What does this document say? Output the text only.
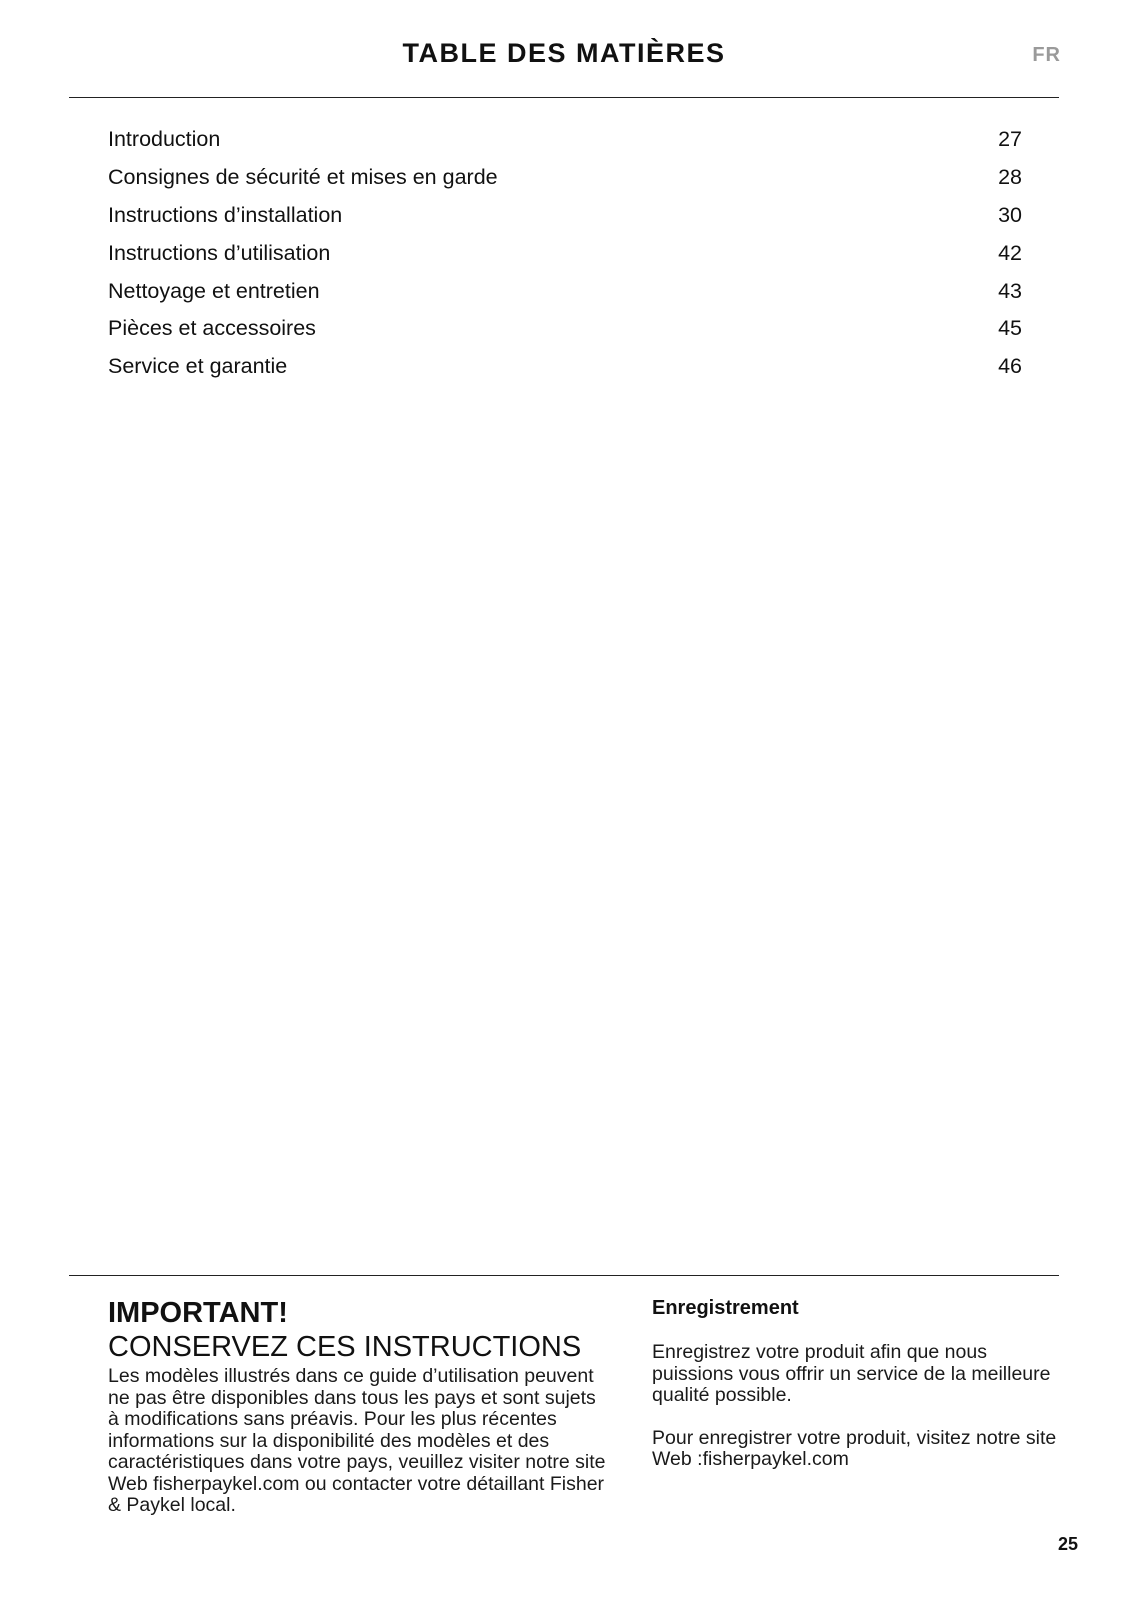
TABLE DES MATIÈRES	FR
Introduction	27
Consignes de sécurité et mises en garde	28
Instructions d’installation	30
Instructions d’utilisation	42
Nettoyage et entretien	43
Pièces et accessoires	45
Service et garantie	46
IMPORTANT!
CONSERVEZ CES INSTRUCTIONS

Les modèles illustrés dans ce guide d’utilisation peuvent ne pas être disponibles dans tous les pays et sont sujets à modifications sans préavis. Pour les plus récentes informations sur la disponibilité des modèles et des caractéristiques dans votre pays, veuillez visiter notre site Web fisherpaykel.com ou contacter votre détaillant Fisher & Paykel local.

Enregistrement

Enregistrez votre produit afin que nous puissions vous offrir un service de la meilleure qualité possible.

Pour enregistrer votre produit, visitez notre site Web :fisherpaykel.com

25
